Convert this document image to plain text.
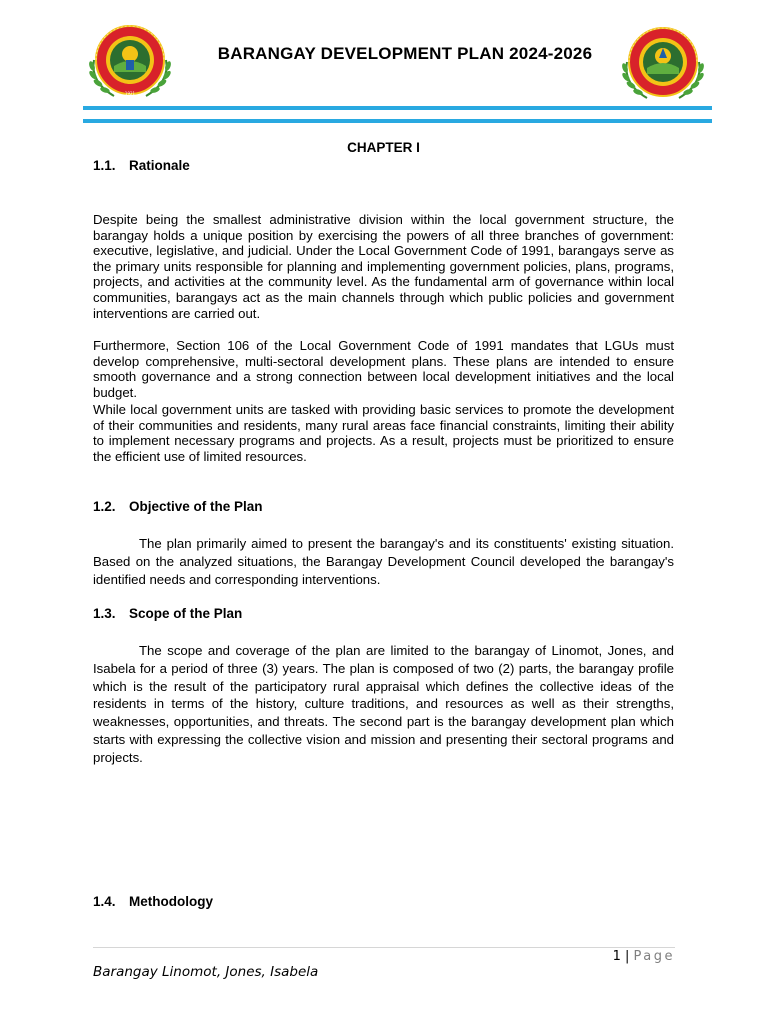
1921
BARANGAY DEVELOPMENT PLAN 2024-2026
CHAPTER I
1.1. Rationale

Despite being the smallest administrative division within the local government structure, the barangay holds a unique position by exercising the powers of all three branches of government: executive, legislative, and judicial. Under the Local Government Code of 1991, barangays serve as the primary units responsible for planning and implementing government policies, plans, programs, projects, and activities at the community level. As the fundamental arm of governance within local communities, barangays act as the main channels through which public policies and government interventions are carried out.

Furthermore, Section 106 of the Local Government Code of 1991 mandates that LGUs must develop comprehensive, multi-sectoral development plans. These plans are intended to ensure smooth governance and a strong connection between local development initiatives and the local budget.

While local government units are tasked with providing basic services to promote the development of their communities and residents, many rural areas face financial constraints, limiting their ability to implement necessary programs and projects. As a result, projects must be prioritized to ensure the efficient use of limited resources.

1.2. Objective of the Plan

The plan primarily aimed to present the barangay's and its constituents' existing situation. Based on the analyzed situations, the Barangay Development Council developed the barangay's identified needs and corresponding interventions.

1.3. Scope of the Plan

The scope and coverage of the plan are limited to the barangay of Linomot, Jones, and Isabela for a period of three (3) years. The plan is composed of two (2) parts, the barangay profile which is the result of the participatory rural appraisal which defines the collective ideas of the residents in terms of the history, culture traditions, and resources as well as their strengths, weaknesses, opportunities, and threats. The second part is the barangay development plan which starts with expressing the collective vision and mission and presenting their sectoral programs and projects.

1.4. Methodology
1 | Page
Barangay Linomot, Jones, Isabela
